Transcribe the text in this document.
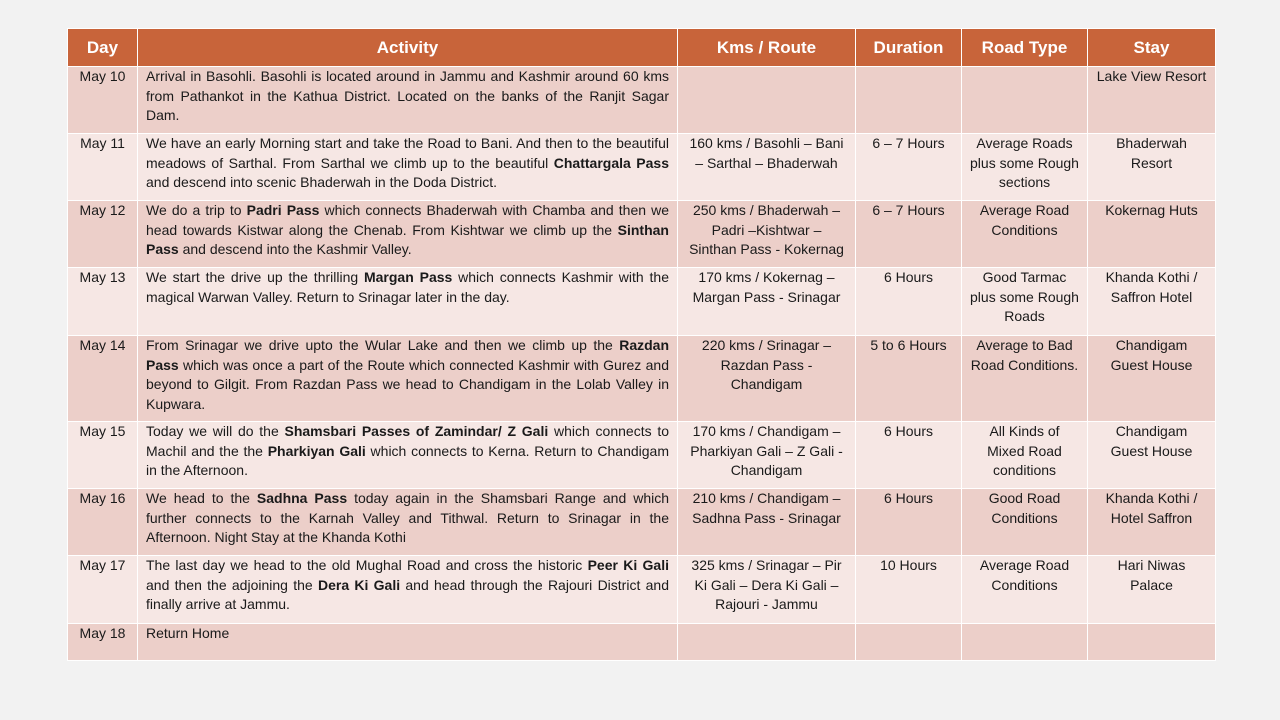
Day	Activity	Kms / Route	Duration	Road Type	Stay
May 10	Arrival in Basohli. Basohli is located around in Jammu and Kashmir around 60 kms from Pathankot in the Kathua District. Located on the banks of the Ranjit Sagar Dam.				Lake View Resort
May 11	We have an early Morning start and take the Road to Bani. And then to the beautiful meadows of Sarthal. From Sarthal we climb up to the beautiful Chattargala Pass and descend into scenic Bhaderwah in the Doda District.	160 kms / Basohli – Bani – Sarthal – Bhaderwah	6 – 7 Hours	Average Roads plus some Rough sections	Bhaderwah Resort
May 12	We do a trip to Padri Pass which connects Bhaderwah with Chamba and then we head towards Kistwar along the Chenab. From Kishtwar we climb up the Sinthan Pass and descend into the Kashmir Valley.	250 kms / Bhaderwah – Padri –Kishtwar – Sinthan Pass - Kokernag	6 – 7 Hours	Average Road Conditions	Kokernag Huts
May 13	We start the drive up the thrilling Margan Pass which connects Kashmir with the magical Warwan Valley. Return to Srinagar later in the day.	170 kms / Kokernag – Margan Pass - Srinagar	6 Hours	Good Tarmac plus some Rough Roads	Khanda Kothi / Saffron Hotel
May 14	From Srinagar we drive upto the Wular Lake and then we climb up the Razdan Pass which was once a part of the Route which connected Kashmir with Gurez and beyond to Gilgit. From Razdan Pass we head to Chandigam in the Lolab Valley in Kupwara.	220 kms / Srinagar – Razdan Pass - Chandigam	5 to 6 Hours	Average to Bad Road Conditions.	Chandigam Guest House
May 15	Today we will do the Shamsbari Passes of Zamindar/ Z Gali which connects to Machil and the the Pharkiyan Gali which connects to Kerna. Return to Chandigam in the Afternoon.	170 kms / Chandigam – Pharkiyan Gali – Z Gali - Chandigam	6 Hours	All Kinds of Mixed Road conditions	Chandigam Guest House
May 16	We head to the Sadhna Pass today again in the Shamsbari Range and which further connects to the Karnah Valley and Tithwal. Return to Srinagar in the Afternoon. Night Stay at the Khanda Kothi	210 kms / Chandigam – Sadhna Pass - Srinagar	6 Hours	Good Road Conditions	Khanda Kothi / Hotel Saffron
May 17	The last day we head to the old Mughal Road and cross the historic Peer Ki Gali and then the adjoining the Dera Ki Gali and head through the Rajouri District and finally arrive at Jammu.	325 kms / Srinagar – Pir Ki Gali – Dera Ki Gali – Rajouri - Jammu	10 Hours	Average Road Conditions	Hari Niwas Palace
May 18	Return Home				
